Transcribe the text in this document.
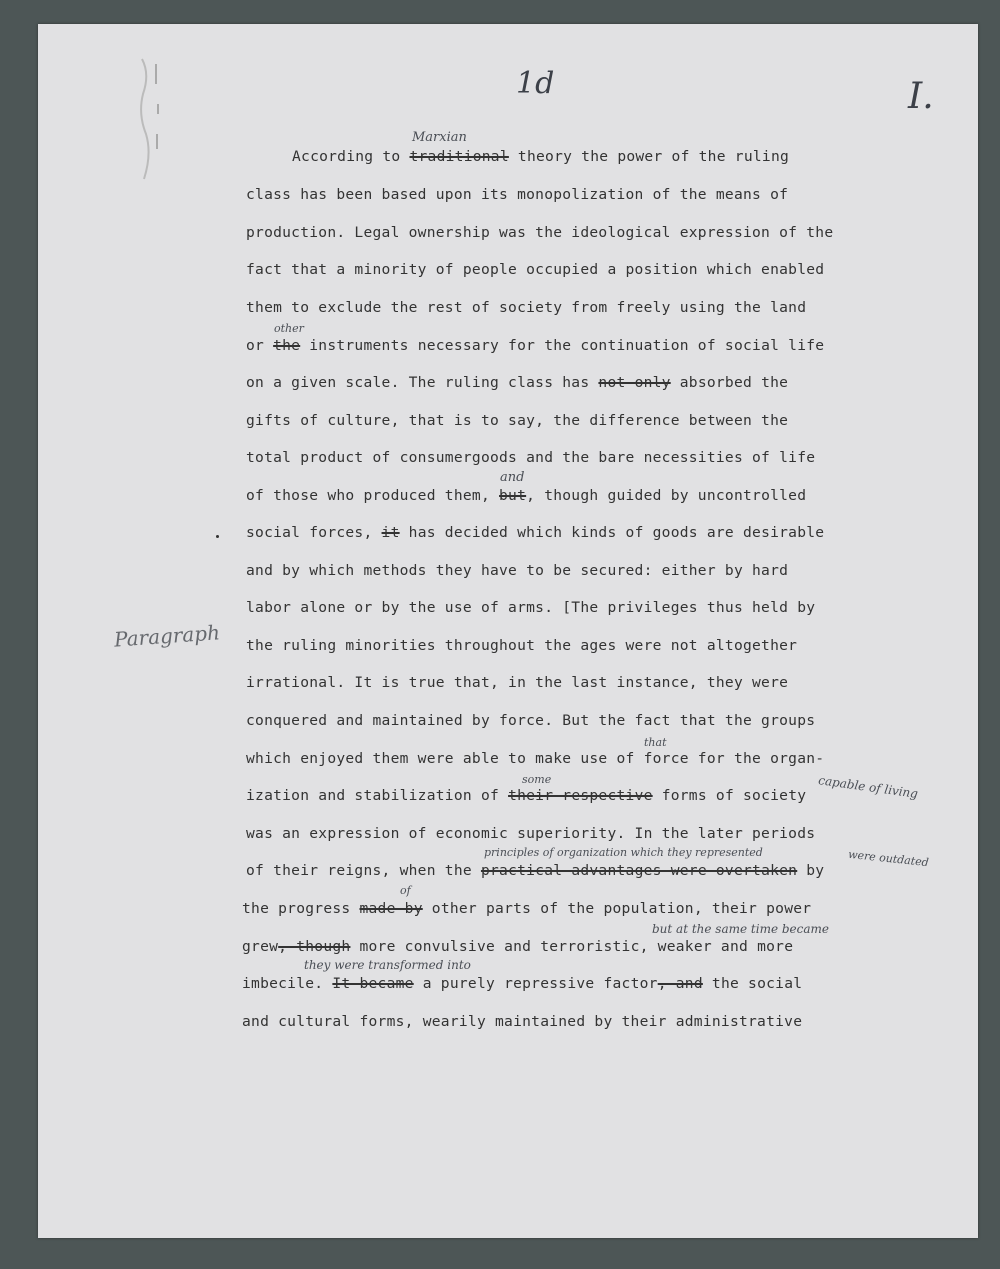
1d	I.
Paragraph
According to traditional theory the power of the ruling
Marxian
class has been based upon its monopolization of the means of
production. Legal ownership was the ideological expression of the
fact that a minority of people occupied a position which enabled
them to exclude the rest of society from freely using the land
or the instruments necessary for the continuation of social life
other
on a given scale. The ruling class has not only absorbed the
gifts of culture, that is to say, the difference between the
total product of consumergoods and the bare necessities of life
of those who produced them, but, though guided by uncontrolled
and
social forces, it has decided which kinds of goods are desirable
and by which methods they have to be secured: either by hard
labor alone or by the use of arms. [The privileges thus held by
the ruling minorities throughout the ages were not altogether
irrational. It is true that, in the last instance, they were
conquered and maintained by force. But the fact that the groups
which enjoyed them were able to make use of force for the organ-
that
ization and stabilization of their respective forms of society
some	capable of living
was an expression of economic superiority. In the later periods
of their reigns, when the practical advantages were overtaken by
principles of organization which they represented	were outdated
the progress made by other parts of the population, their power
of
grew, though more convulsive and terroristic, weaker and more
but at the same time became
imbecile. It became a purely repressive factor, and the social
they were transformed into
and cultural forms, wearily maintained by their administrative
